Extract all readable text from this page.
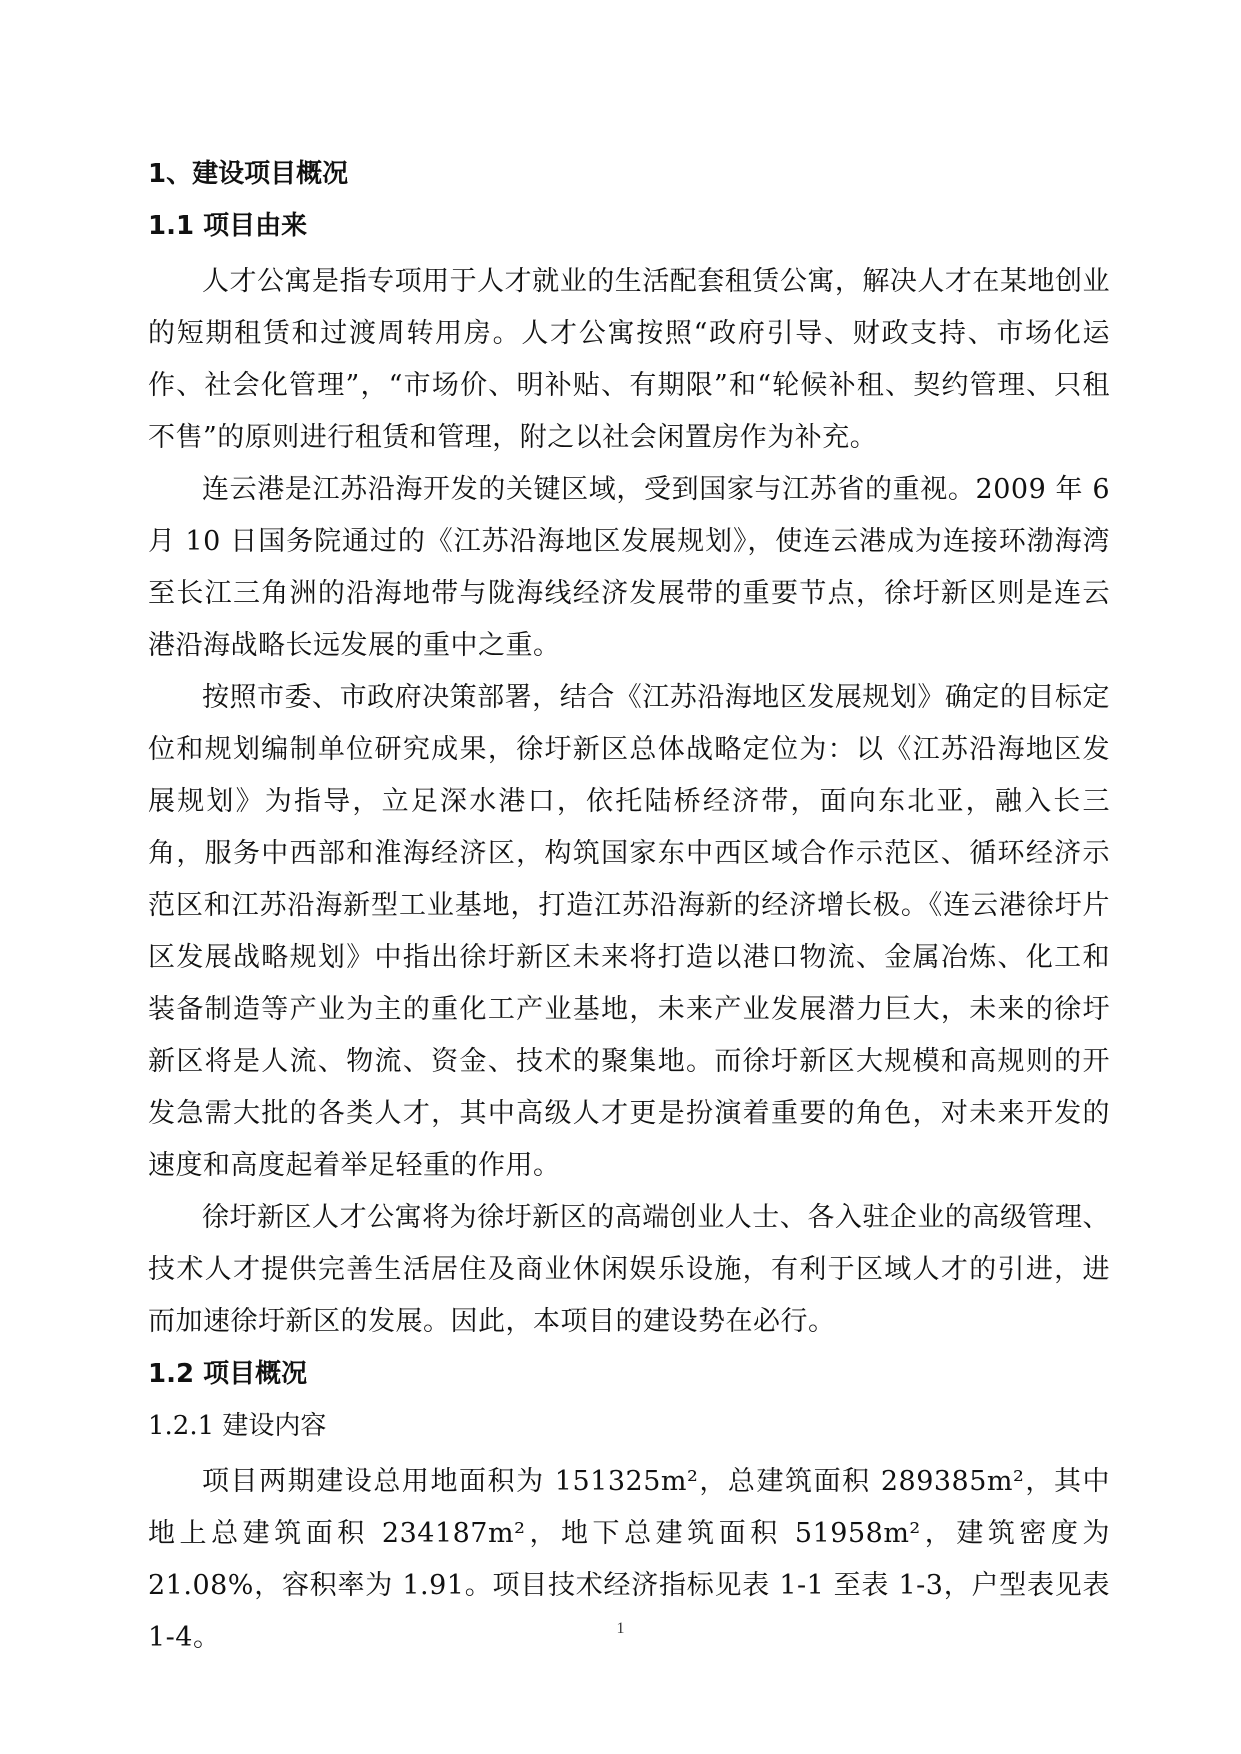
1、建设项目概况
1.1 项目由来

人才公寓是指专项用于人才就业的生活配套租赁公寓，解决人才在某地创业的短期租赁和过渡周转用房。人才公寓按照“政府引导、财政支持、市场化运作、社会化管理”，“市场价、明补贴、有期限”和“轮候补租、契约管理、只租不售”的原则进行租赁和管理，附之以社会闲置房作为补充。

连云港是江苏沿海开发的关键区域，受到国家与江苏省的重视。2009 年 6 月 10 日国务院通过的《江苏沿海地区发展规划》，使连云港成为连接环渤海湾至长江三角洲的沿海地带与陇海线经济发展带的重要节点，徐圩新区则是连云港沿海战略长远发展的重中之重。

按照市委、市政府决策部署，结合《江苏沿海地区发展规划》确定的目标定位和规划编制单位研究成果，徐圩新区总体战略定位为：以《江苏沿海地区发展规划》为指导，立足深水港口，依托陆桥经济带，面向东北亚，融入长三角，服务中西部和淮海经济区，构筑国家东中西区域合作示范区、循环经济示范区和江苏沿海新型工业基地，打造江苏沿海新的经济增长极。《连云港徐圩片区发展战略规划》中指出徐圩新区未来将打造以港口物流、金属冶炼、化工和装备制造等产业为主的重化工产业基地，未来产业发展潜力巨大，未来的徐圩新区将是人流、物流、资金、技术的聚集地。而徐圩新区大规模和高规则的开发急需大批的各类人才，其中高级人才更是扮演着重要的角色，对未来开发的速度和高度起着举足轻重的作用。

徐圩新区人才公寓将为徐圩新区的高端创业人士、各入驻企业的高级管理、技术人才提供完善生活居住及商业休闲娱乐设施，有利于区域人才的引进，进而加速徐圩新区的发展。因此，本项目的建设势在必行。

1.2 项目概况
1.2.1 建设内容

项目两期建设总用地面积为 151325m²，总建筑面积 289385m²，其中地上总建筑面积 234187m²，地下总建筑面积 51958m²，建筑密度为 21.08%，容积率为 1.91。项目技术经济指标见表 1-1 至表 1-3，户型表见表 1-4。	1
